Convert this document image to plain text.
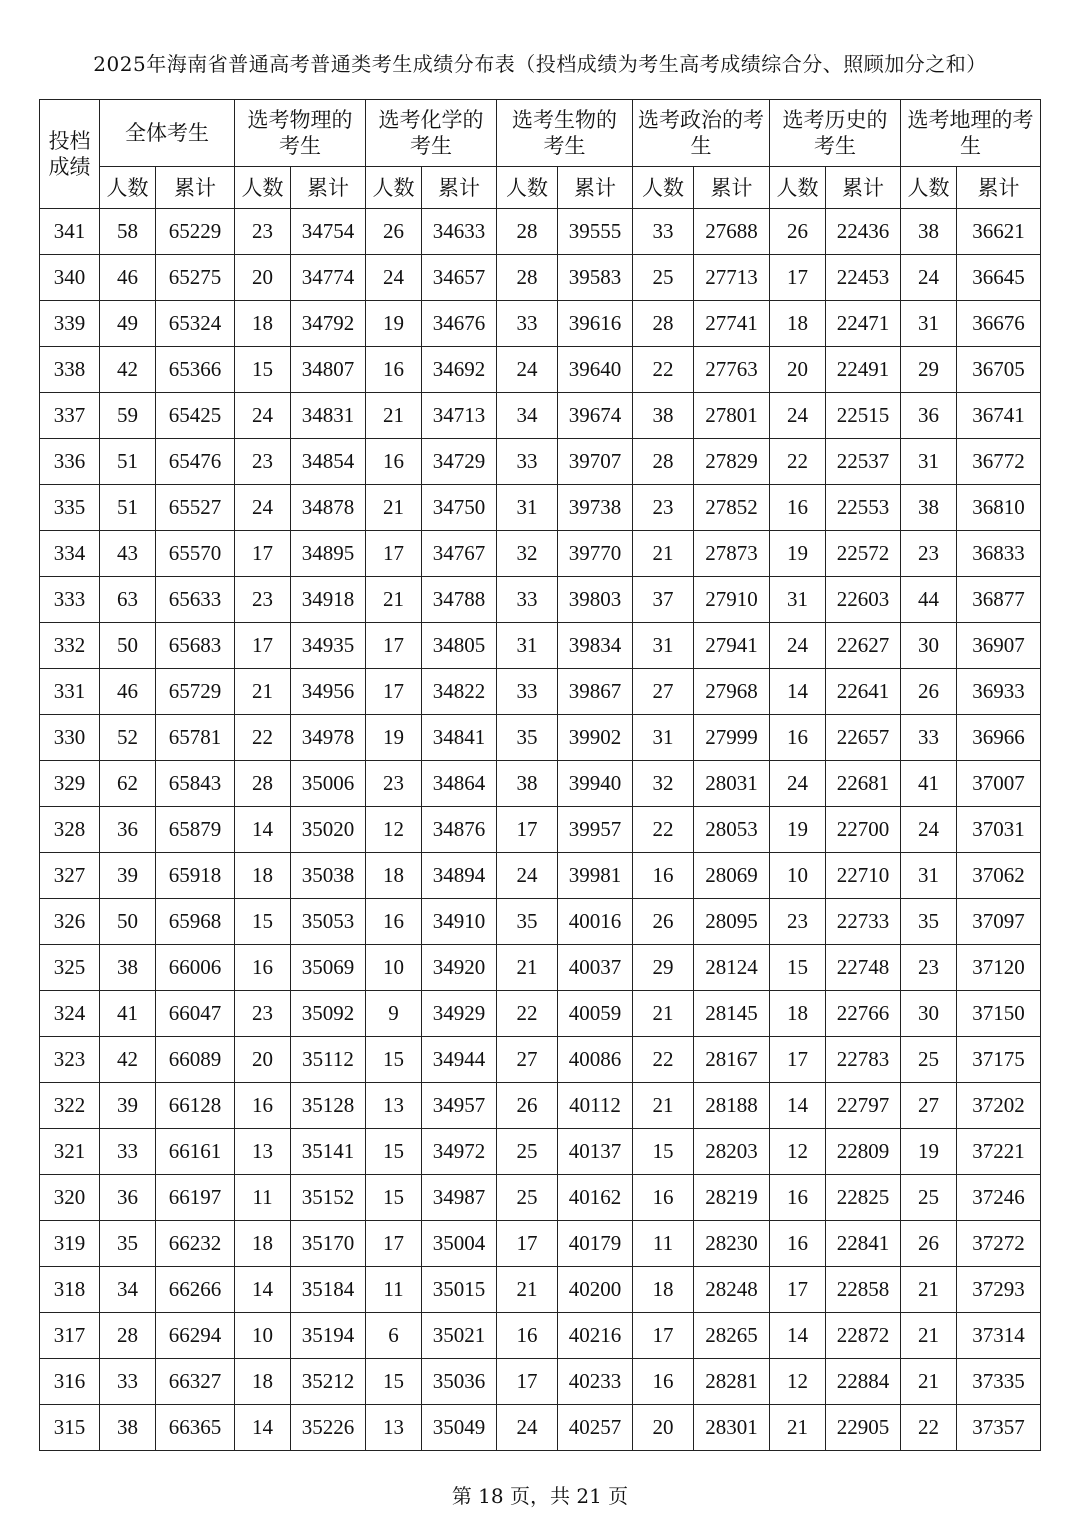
2025年海南省普通高考普通类考生成绩分布表（投档成绩为考生高考成绩综合分、照顾加分之和）
投档成绩	全体考生		选考物理的考生		选考化学的考生		选考生物的考生		选考政治的考生		选考历史的考生		选考地理的考生	
	人数	累计	人数	累计	人数	累计	人数	累计	人数	累计	人数	累计	人数	累计
341	58	65229	23	34754	26	34633	28	39555	33	27688	26	22436	38	36621
340	46	65275	20	34774	24	34657	28	39583	25	27713	17	22453	24	36645
339	49	65324	18	34792	19	34676	33	39616	28	27741	18	22471	31	36676
338	42	65366	15	34807	16	34692	24	39640	22	27763	20	22491	29	36705
337	59	65425	24	34831	21	34713	34	39674	38	27801	24	22515	36	36741
336	51	65476	23	34854	16	34729	33	39707	28	27829	22	22537	31	36772
335	51	65527	24	34878	21	34750	31	39738	23	27852	16	22553	38	36810
334	43	65570	17	34895	17	34767	32	39770	21	27873	19	22572	23	36833
333	63	65633	23	34918	21	34788	33	39803	37	27910	31	22603	44	36877
332	50	65683	17	34935	17	34805	31	39834	31	27941	24	22627	30	36907
331	46	65729	21	34956	17	34822	33	39867	27	27968	14	22641	26	36933
330	52	65781	22	34978	19	34841	35	39902	31	27999	16	22657	33	36966
329	62	65843	28	35006	23	34864	38	39940	32	28031	24	22681	41	37007
328	36	65879	14	35020	12	34876	17	39957	22	28053	19	22700	24	37031
327	39	65918	18	35038	18	34894	24	39981	16	28069	10	22710	31	37062
326	50	65968	15	35053	16	34910	35	40016	26	28095	23	22733	35	37097
325	38	66006	16	35069	10	34920	21	40037	29	28124	15	22748	23	37120
324	41	66047	23	35092	9	34929	22	40059	21	28145	18	22766	30	37150
323	42	66089	20	35112	15	34944	27	40086	22	28167	17	22783	25	37175
322	39	66128	16	35128	13	34957	26	40112	21	28188	14	22797	27	37202
321	33	66161	13	35141	15	34972	25	40137	15	28203	12	22809	19	37221
320	36	66197	11	35152	15	34987	25	40162	16	28219	16	22825	25	37246
319	35	66232	18	35170	17	35004	17	40179	11	28230	16	22841	26	37272
318	34	66266	14	35184	11	35015	21	40200	18	28248	17	22858	21	37293
317	28	66294	10	35194	6	35021	16	40216	17	28265	14	22872	21	37314
316	33	66327	18	35212	15	35036	17	40233	16	28281	12	22884	21	37335
315	38	66365	14	35226	13	35049	24	40257	20	28301	21	22905	22	37357
第 18 页，共 21 页
